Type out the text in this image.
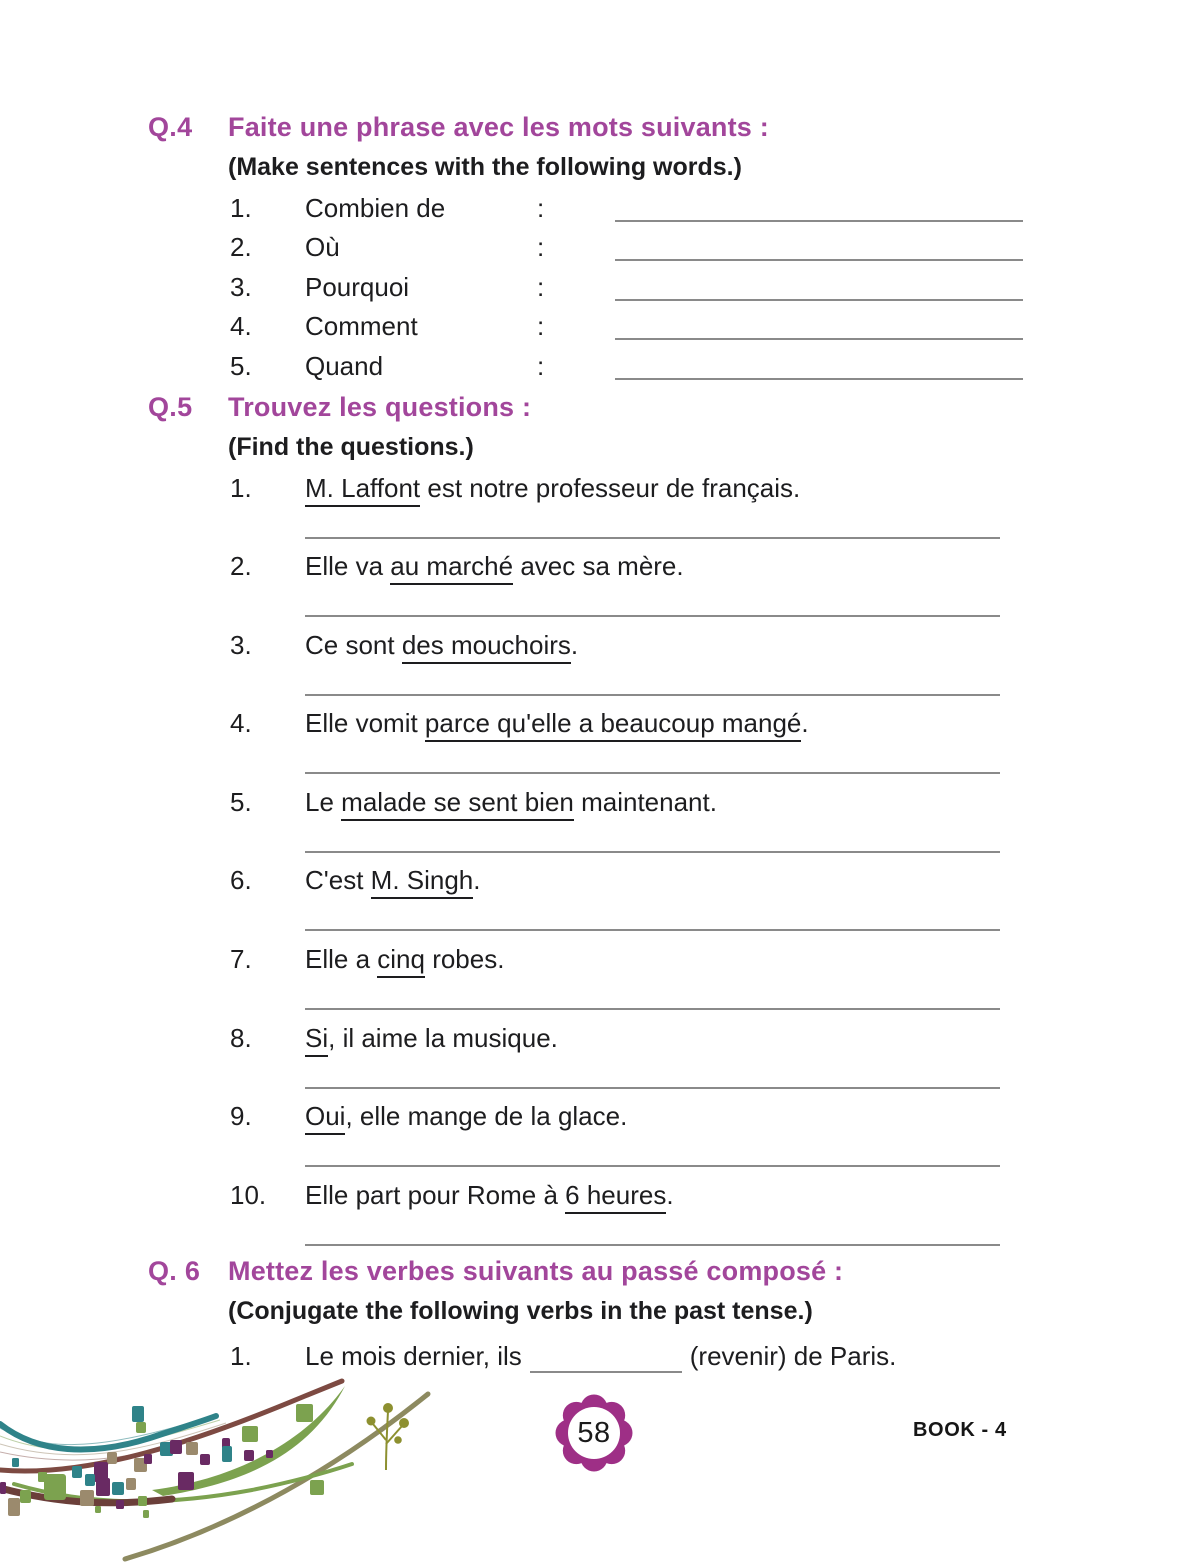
Q.4	Faite une phrase avec les mots suivants :
(Make sentences with the following words.)
1. Combien de	:
2. Où	:
3. Pourquoi	:
4. Comment	:
5. Quand	:
Q.5	Trouvez les questions :
(Find the questions.)
1. M. Laffont est notre professeur de français.
2. Elle va au marché avec sa mère.
3. Ce sont des mouchoirs.
4. Elle vomit parce qu'elle a beaucoup mangé.
5. Le malade se sent bien maintenant.
6. C'est M. Singh.
7. Elle a cinq robes.
8. Si, il aime la musique.
9. Oui, elle mange de la glace.
10. Elle part pour Rome à 6 heures.
Q. 6	Mettez les verbes suivants au passé composé :
(Conjugate the following verbs in the past tense.)
1. Le mois dernier, ils	(revenir) de Paris.
58	BOOK - 4
